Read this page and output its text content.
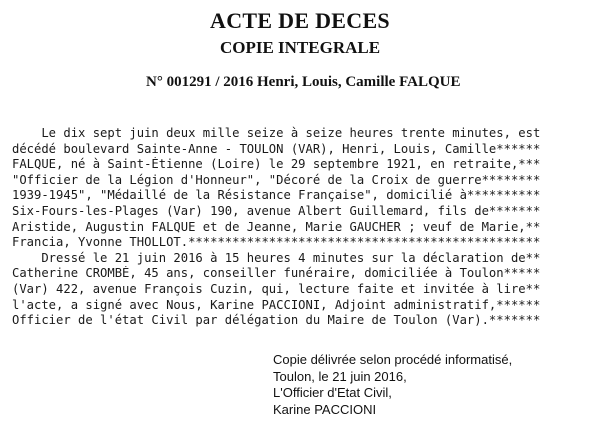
ACTE DE DECES
COPIE INTEGRALE
N° 001291 / 2016 Henri, Louis, Camille FALQUE
Le dix sept juin deux mille seize à seize heures trente minutes, est
décédé boulevard Sainte-Anne - TOULON (VAR), Henri, Louis, Camille******
FALQUE, né à Saint-Étienne (Loire) le 29 septembre 1921, en retraite,***
"Officier de la Légion d'Honneur", "Décoré de la Croix de guerre********
1939-1945", "Médaillé de la Résistance Française", domicilié à**********
Six-Fours-les-Plages (Var) 190, avenue Albert Guillemard, fils de*******
Aristide, Augustin FALQUE et de Jeanne, Marie GAUCHER ; veuf de Marie,**
Francia, Yvonne THOLLOT.************************************************
Dressé le 21 juin 2016 à 15 heures 4 minutes sur la déclaration de**
Catherine CROMBÉ, 45 ans, conseiller funéraire, domiciliée à Toulon*****
(Var) 422, avenue François Cuzin, qui, lecture faite et invitée à lire**
l'acte, a signé avec Nous, Karine PACCIONI, Adjoint administratif,******
Officier de l'état Civil par délégation du Maire de Toulon (Var).*******
Copie délivrée selon procédé informatisé,
Toulon, le 21 juin 2016,
L'Officier d'Etat Civil,
Karine PACCIONI
